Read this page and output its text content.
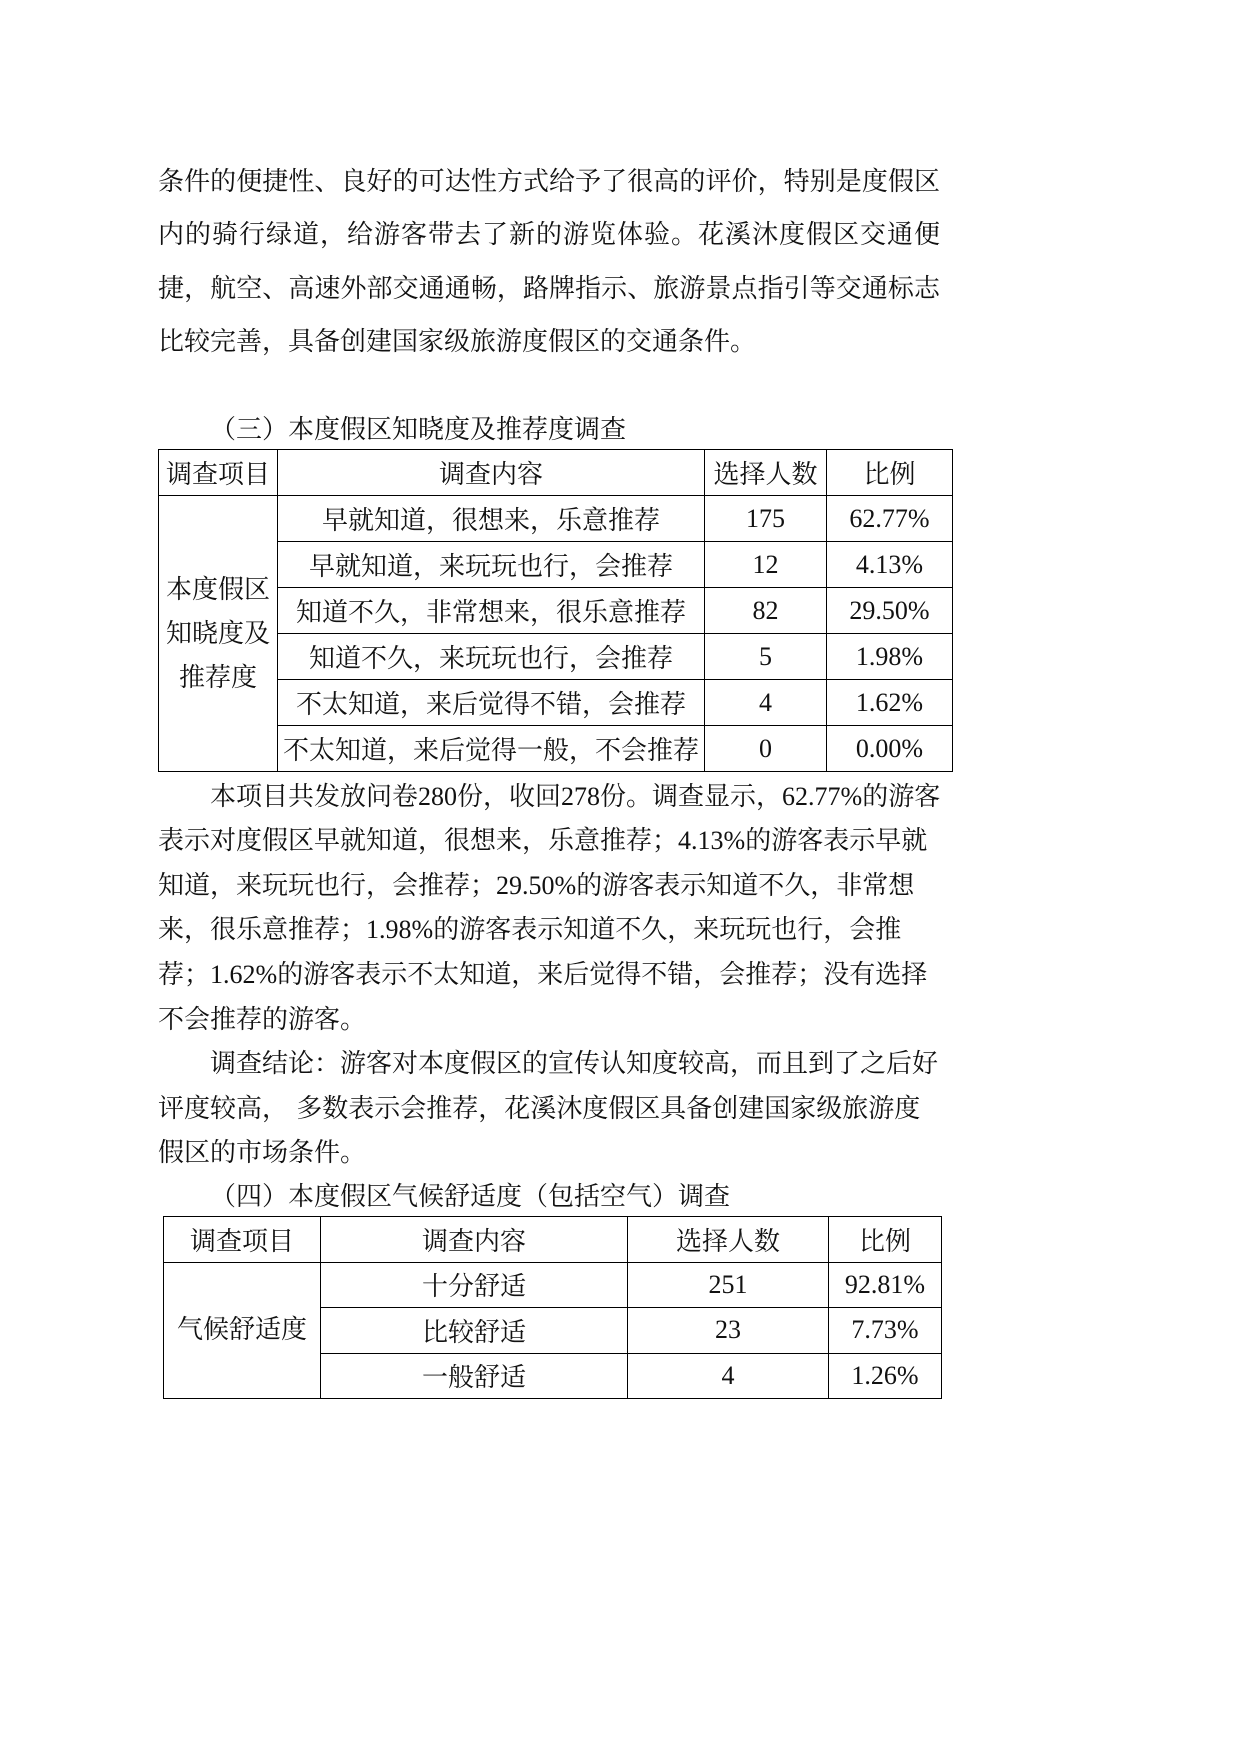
条件的便捷性、良好的可达性方式给予了很高的评价，特别是度假区
内的骑行绿道，给游客带去了新的游览体验。花溪沐度假区交通便
捷，航空、高速外部交通通畅，路牌指示、旅游景点指引等交通标志
比较完善，具备创建国家级旅游度假区的交通条件。
（三）本度假区知晓度及推荐度调查
调查项目	调查内容	选择人数	比例
本度假区知晓度及推荐度	早就知道，很想来，乐意推荐	175	62.77%
	早就知道，来玩玩也行，会推荐	12	4.13%
	知道不久，非常想来，很乐意推荐	82	29.50%
	知道不久，来玩玩也行，会推荐	5	1.98%
	不太知道，来后觉得不错，会推荐	4	1.62%
	不太知道，来后觉得一般，不会推荐	0	0.00%
本项目共发放问卷280份，收回278份。调查显示，62.77%的游客
表示对度假区早就知道，很想来，乐意推荐；4.13%的游客表示早就
知道，来玩玩也行，会推荐；29.50%的游客表示知道不久，非常想
来，很乐意推荐；1.98%的游客表示知道不久，来玩玩也行，会推
荐；1.62%的游客表示不太知道，来后觉得不错，会推荐；没有选择
不会推荐的游客。
调查结论：游客对本度假区的宣传认知度较高，而且到了之后好
评度较高， 多数表示会推荐，花溪沐度假区具备创建国家级旅游度
假区的市场条件。
（四）本度假区气候舒适度（包括空气）调查
调查项目	调查内容	选择人数	比例
气候舒适度	十分舒适	251	92.81%
	比较舒适	23	7.73%
	一般舒适	4	1.26%
